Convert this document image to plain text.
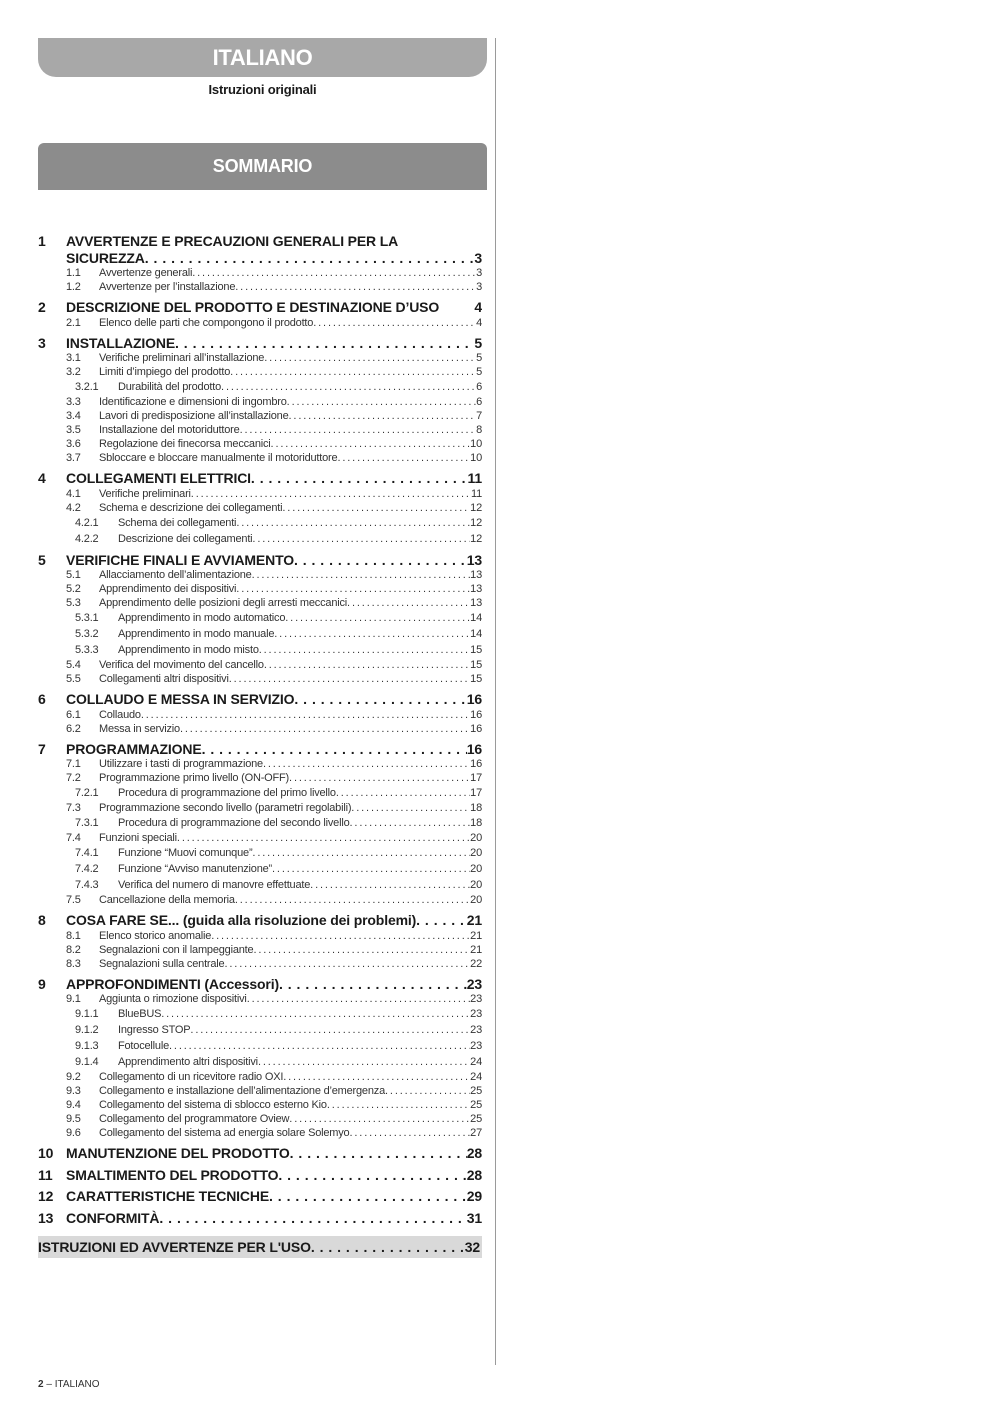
ITALIANO
Istruzioni originali
SOMMARIO
1	AVVERTENZE E PRECAUZIONI GENERALI PER LA
SICUREZZA . . .	3
1.1	Avvertenze generali . . .	3
1.2	Avvertenze per l’installazione . . .	3
2	DESCRIZIONE DEL PRODOTTO E DESTINAZIONE D’USO	4
2.1	Elenco delle parti che compongono il prodotto . . .	4
3	INSTALLAZIONE . . .	5
3.1	Verifiche preliminari all’installazione . . .	5
3.2	Limiti d’impiego del prodotto . . .	5
3.2.1	Durabilità del prodotto . . .	6
3.3	Identificazione e dimensioni di ingombro . . .	6
3.4	Lavori di predisposizione all’installazione . . .	7
3.5	Installazione del motoriduttore . . .	8
3.6	Regolazione dei finecorsa meccanici . . .	10
3.7	Sbloccare e bloccare manualmente il motoriduttore . . .	10
4	COLLEGAMENTI ELETTRICI . . .	11
4.1	Verifiche preliminari . . .	11
4.2	Schema e descrizione dei collegamenti . . .	12
4.2.1	Schema dei collegamenti . . .	12
4.2.2	Descrizione dei collegamenti . . .	12
5	VERIFICHE FINALI E AVVIAMENTO . . .	13
5.1	Allacciamento dell’alimentazione . . .	13
5.2	Apprendimento dei dispositivi . . .	13
5.3	Apprendimento delle posizioni degli arresti meccanici . . .	13
5.3.1	Apprendimento in modo automatico . . .	14
5.3.2	Apprendimento in modo manuale . . .	14
5.3.3	Apprendimento in modo misto . . .	15
5.4	Verifica del movimento del cancello . . .	15
5.5	Collegamenti altri dispositivi . . .	15
6	COLLAUDO E MESSA IN SERVIZIO . . .	16
6.1	Collaudo . . .	16
6.2	Messa in servizio . . .	16
7	PROGRAMMAZIONE . . .	16
7.1	Utilizzare i tasti di programmazione . . .	16
7.2	Programmazione primo livello (ON-OFF) . . .	17
7.2.1	Procedura di programmazione del primo livello . . .	17
7.3	Programmazione secondo livello (parametri regolabili) . . .	18
7.3.1	Procedura di programmazione del secondo livello . . .	18
7.4	Funzioni speciali . . .	20
7.4.1	Funzione “Muovi comunque” . . .	20
7.4.2	Funzione “Avviso manutenzione” . . .	20
7.4.3	Verifica del numero di manovre effettuate . . .	20
7.5	Cancellazione della memoria . . .	20
8	COSA FARE SE... (guida alla risoluzione dei problemi) . . .	21
8.1	Elenco storico anomalie . . .	21
8.2	Segnalazioni con il lampeggiante . . .	21
8.3	Segnalazioni sulla centrale . . .	22
9	APPROFONDIMENTI (Accessori) . . .	23
9.1	Aggiunta o rimozione dispositivi . . .	23
9.1.1	BlueBUS . . .	23
9.1.2	Ingresso STOP . . .	23
9.1.3	Fotocellule . . .	23
9.1.4	Apprendimento altri dispositivi . . .	24
9.2	Collegamento di un ricevitore radio OXI . . .	24
9.3	Collegamento e installazione dell’alimentazione d’emergenza . . .	25
9.4	Collegamento del sistema di sblocco esterno Kio . . .	25
9.5	Collegamento del programmatore Oview . . .	25
9.6	Collegamento del sistema ad energia solare Solemyo . . .	27
10 MANUTENZIONE DEL PRODOTTO . . .	28
11 SMALTIMENTO DEL PRODOTTO . . .	28
12 CARATTERISTICHE TECNICHE . . .	29
13 CONFORMITÀ . . .	31
ISTRUZIONI ED AVVERTENZE PER L'USO . . .	32
2 – ITALIANO
